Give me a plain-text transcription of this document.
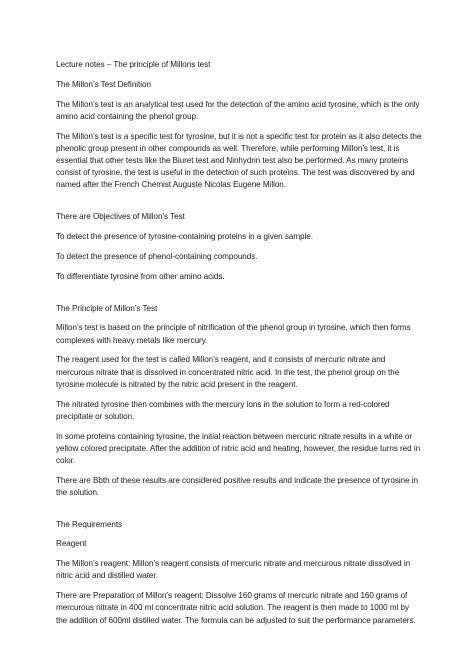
Lecture notes – The principle of Millons test

The Millon’s Test Definition

The Millon’s test is an analytical test used for the detection of the amino acid tyrosine, which is the only amino acid containing the phenol group.

The Millon’s test is a specific test for tyrosine, but it is not a specific test for protein as it also detects the phenolic group present in other compounds as well. Therefore, while performing Millon’s test, it is essential that other tests like the Biuret test and Ninhydrin test also be performed. As many proteins consist of tyrosine, the test is useful in the detection of such proteins. The test was discovered by and named after the French Chemist Auguste Nicolas Eugene Millon.

There are Objectives of Millon’s Test

To detect the presence of tyrosine-containing proteins in a given sample.

To detect the presence of phenol-containing compounds.

To differentiate tyrosine from other amino acids.

The Principle of Millon’s Test

Millon’s test is based on the principle of nitrification of the phenol group in tyrosine, which then forms complexes with heavy metals like mercury.

The reagent used for the test is called Millon’s reagent, and it consists of mercuric nitrate and mercurous nitrate that is dissolved in concentrated nitric acid. In the test, the phenol group on the tyrosine molecule is nitrated by the nitric acid present in the reagent.

The nitrated tyrosine then combines with the mercury ions in the solution to form a red-colored precipitate or solution.

In some proteins containing tyrosine, the initial reaction between mercuric nitrate results in a white or yellow colored precipitate. After the addition of nitric acid and heating, however, the residue turns red in color.

There are Bbth of these results are considered positive results and indicate the presence of tyrosine in the solution.

The Requirements

Reagent

The Millon’s reagent: Millon’s reagent consists of mercuric nitrate and mercurous nitrate dissolved in nitric acid and distilled water.

There are Preparation of Millon’s reagent: Dissolve 160 grams of mercuric nitrate and 160 grams of mercurous nitrate in 400 ml concentrate nitric acid solution. The reagent is then made to 1000 ml by the addition of 600ml distilled water. The formula can be adjusted to suit the performance parameters.
